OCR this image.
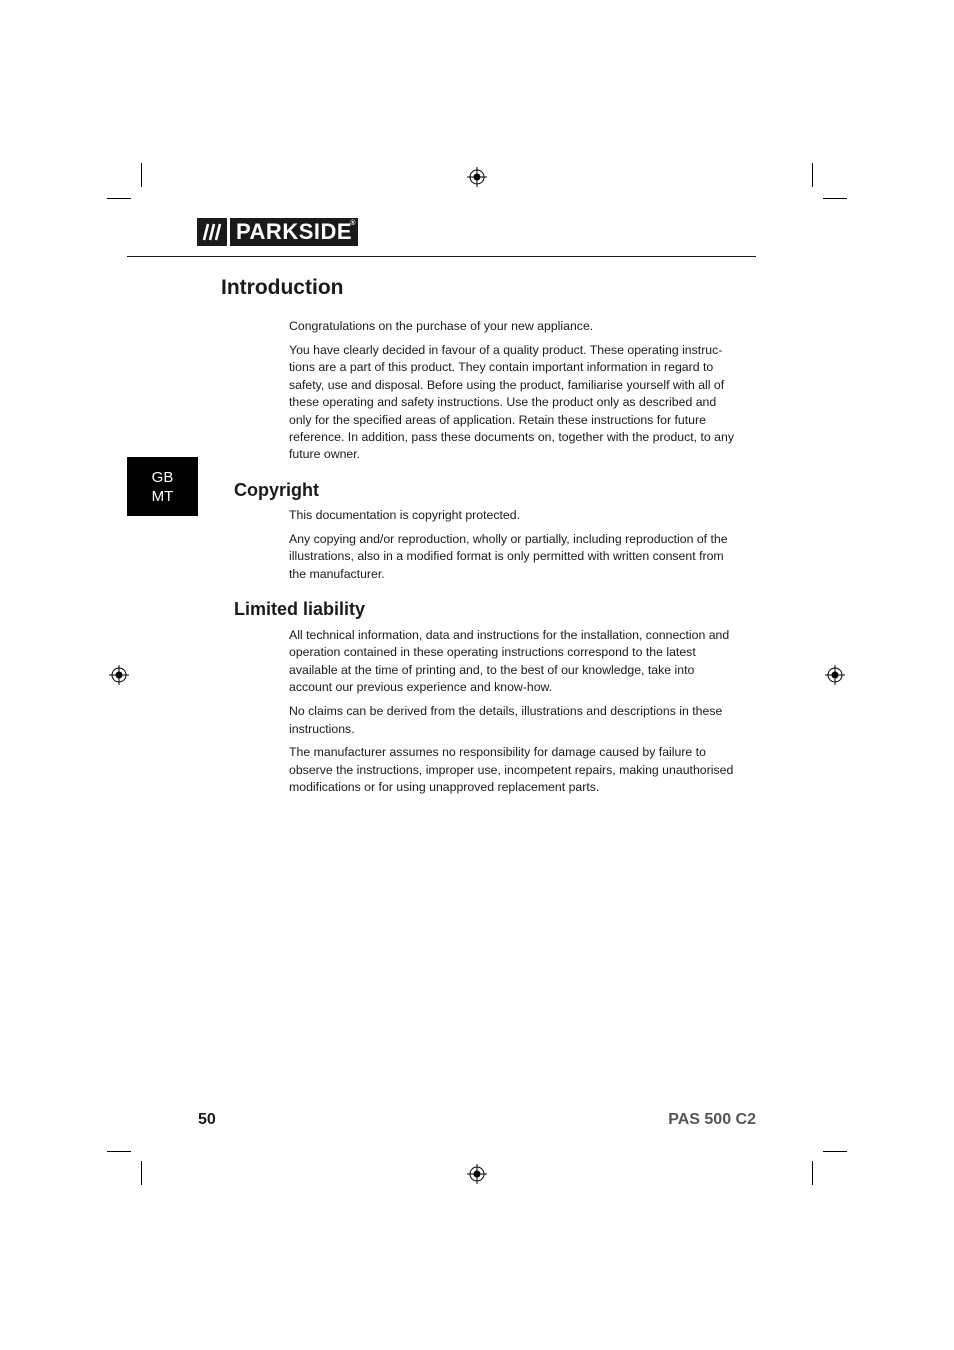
PARKSIDE
®
Introduction

Congratulations on the purchase of your new appliance.

You have clearly decided in favour of a quality product. These operating instruc-tions are a part of this product. They contain important information in regard to safety, use and disposal. Before using the product, familiarise yourself with all of these operating and safety instructions. Use the product only as described and only for the specified areas of application. Retain these instructions for future reference. In addition, pass these documents on, together with the product, to any future owner.

GB
MT	Copyright

This documentation is copyright protected.

Any copying and/or reproduction, wholly or partially, including reproduction of the illustrations, also in a modified format is only permitted with written consent from the manufacturer.

Limited liability

All technical information, data and instructions for the installation, connection and operation contained in these operating instructions correspond to the latest available at the time of printing and, to the best of our knowledge, take into account our previous experience and know-how.

No claims can be derived from the details, illustrations and descriptions in these instructions.

The manufacturer assumes no responsibility for damage caused by failure to observe the instructions, improper use, incompetent repairs, making unauthorised modifications or for using unapproved replacement parts.

50	PAS 500 C2
